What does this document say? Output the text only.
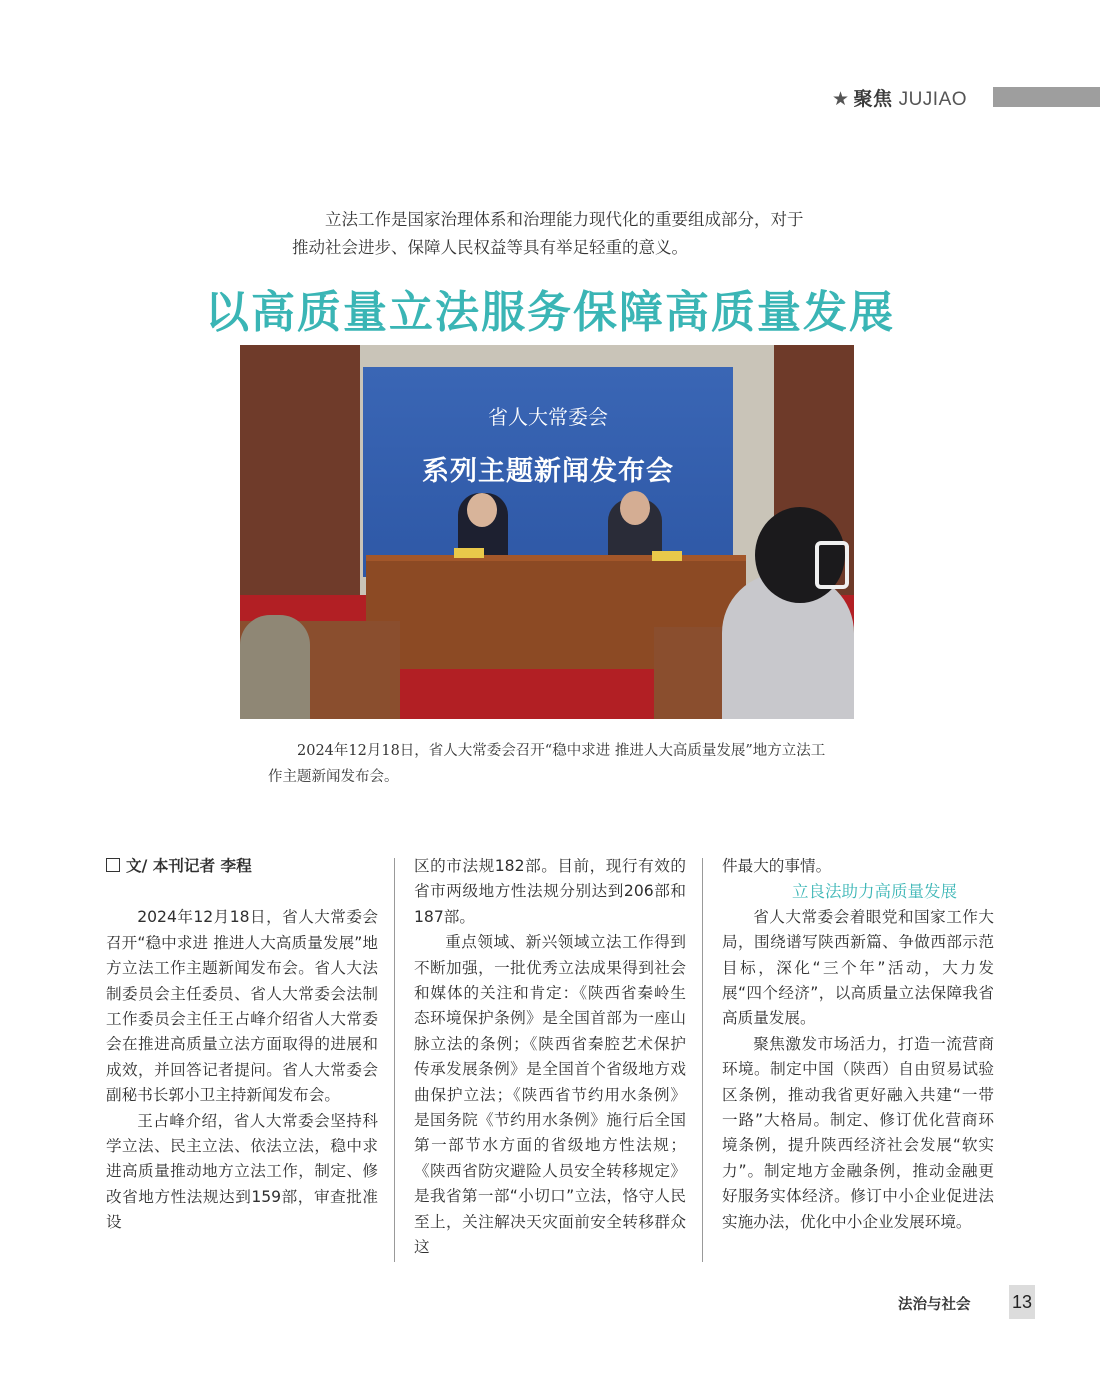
★ 聚焦 JUJIAO
立法工作是国家治理体系和治理能力现代化的重要组成部分，对于推动社会进步、保障人民权益等具有举足轻重的意义。
以高质量立法服务保障高质量发展
省人大常委会
系列主题新闻发布会
2024年12月18日，省人大常委会召开“稳中求进 推进人大高质量发展”地方立法工作主题新闻发布会。
文/ 本刊记者 李程

2024年12月18日，省人大常委会召开“稳中求进 推进人大高质量发展”地方立法工作主题新闻发布会。省人大法制委员会主任委员、省人大常委会法制工作委员会主任王占峰介绍省人大常委会在推进高质量立法方面取得的进展和成效，并回答记者提问。省人大常委会副秘书长郭小卫主持新闻发布会。

王占峰介绍，省人大常委会坚持科学立法、民主立法、依法立法，稳中求进高质量推动地方立法工作，制定、修改省地方性法规达到159部，审查批准设

区的市法规182部。目前，现行有效的省市两级地方性法规分别达到206部和187部。

重点领域、新兴领域立法工作得到不断加强，一批优秀立法成果得到社会和媒体的关注和肯定：《陕西省秦岭生态环境保护条例》是全国首部为一座山脉立法的条例；《陕西省秦腔艺术保护传承发展条例》是全国首个省级地方戏曲保护立法；《陕西省节约用水条例》是国务院《节约用水条例》施行后全国第一部节水方面的省级地方性法规；《陕西省防灾避险人员安全转移规定》是我省第一部“小切口”立法，恪守人民至上，关注解决天灾面前安全转移群众这

件最大的事情。

立良法助力高质量发展

省人大常委会着眼党和国家工作大局，围绕谱写陕西新篇、争做西部示范目标，深化“三个年”活动，大力发展“四个经济”，以高质量立法保障我省高质量发展。

聚焦激发市场活力，打造一流营商环境。制定中国（陕西）自由贸易试验区条例，推动我省更好融入共建“一带一路”大格局。制定、修订优化营商环境条例，提升陕西经济社会发展“软实力”。制定地方金融条例，推动金融更好服务实体经济。修订中小企业促进法实施办法，优化中小企业发展环境。

法治与社会 13
